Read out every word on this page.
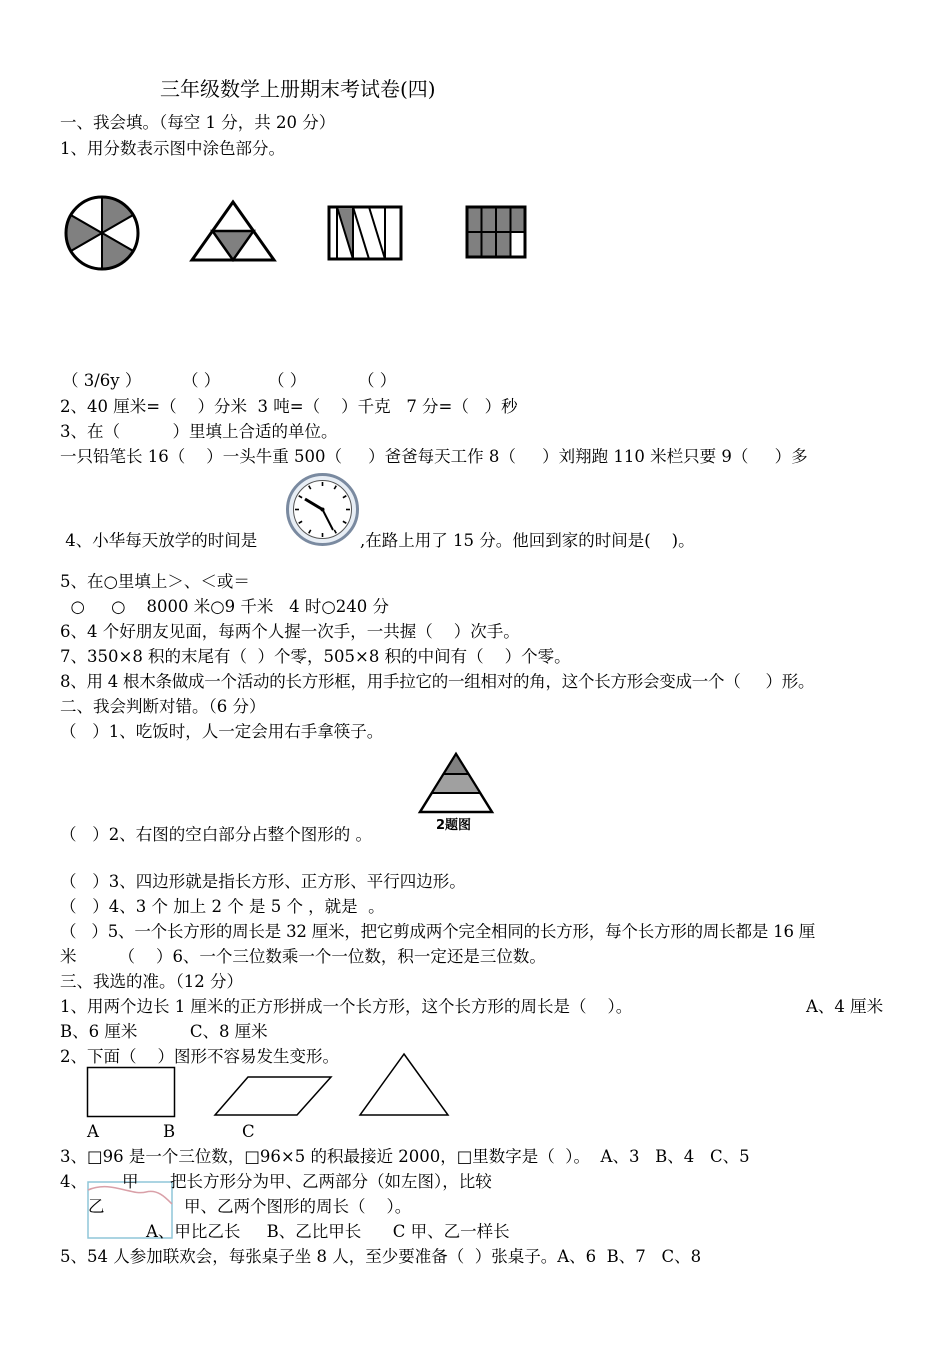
三年级数学上册期末考试卷(四)
一、我会填。（每空 1 分，共 20 分）
1、用分数表示图中涂色部分。
（ 3/6y ） （ ）	（ ）	（ ）
2、40 厘米=（    ）分米  3 吨=（    ）千克   7 分=（   ）秒
3、在（          ）里填上合适的单位。
一只铅笔长 16（    ）一头牛重 500（     ）爸爸每天工作 8（     ）刘翔跑 110 米栏只要 9（     ）多
4、小华每天放学的时间是	,在路上用了 15 分。他回到家的时间是(    )。
5、在○里填上＞、＜或＝
○     ○    8000 米○9 千米   4 时○240 分
6、4 个好朋友见面，每两个人握一次手，一共握（    ）次手。
7、350×8 积的末尾有（  ）个零，505×8 积的中间有（    ）个零。
8、用 4 根木条做成一个活动的长方形框，用手拉它的一组相对的角，这个长方形会变成一个（     ）形。
二、我会判断对错。（6 分）
（   ）1、吃饭时，人一定会用右手拿筷子。
2题图
（   ）2、右图的空白部分占整个图形的 。
（   ）3、四边形就是指长方形、正方形、平行四边形。
（   ）4、3 个 加上 2 个 是 5 个 ，就是  。
（   ）5、一个长方形的周长是 32 厘米，把它剪成两个完全相同的长方形，每个长方形的周长都是 16 厘
米        （    ）6、一个三位数乘一个一位数，积一定还是三位数。
三、我选的准。（12 分）
1、用两个边长 1 厘米的正方形拼成一个长方形，这个长方形的周长是（    ）。	A、4 厘米
B、6 厘米          C、8 厘米
2、下面（    ）图形不容易发生变形。
A	B	C
3、□96 是一个三位数，□96×5 的积最接近 2000，□里数字是（  ）。  A、3   B、4   C、5
4、 甲 把长方形分为甲、乙两部分（如左图），比较
乙	甲、乙两个图形的周长（    ）。
A、甲比乙长     B、乙比甲长      C 甲、乙一样长
5、54 人参加联欢会，每张桌子坐 8 人，至少要准备（  ）张桌子。A、6  B、7   C、8
